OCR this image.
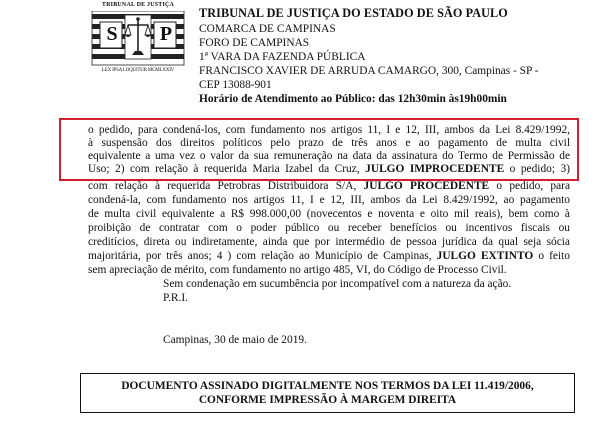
TRIBUNAL DE JUSTIÇA
S P
LEX IPSA LOQUITUR MCMLXXIV
TRIBUNAL DE JUSTIÇA DO ESTADO DE SÃO PAULO
COMARCA DE CAMPINAS
FORO DE CAMPINAS
1ª VARA DA FAZENDA PÚBLICA
FRANCISCO XAVIER DE ARRUDA CAMARGO, 300, Campinas - SP -
CEP 13088-901
Horário de Atendimento ao Público: das 12h30min às19h00min
o pedido, para condená-los, com fundamento nos artigos 11, I e 12, III, ambos da Lei 8.429/1992,
à suspensão dos direitos políticos pelo prazo de três anos e ao pagamento de multa civil
equivalente a uma vez o valor da sua remuneração na data da assinatura do Termo de Permissão de
Uso; 2) com relação à requerida Maria Izabel da Cruz, JULGO IMPROCEDENTE o pedido; 3)
com relação à requerida Petrobras Distribuidora S/A, JULGO PROCEDENTE o pedido, para
condená-la, com fundamento nos artigos 11, I e 12, III, ambos da Lei 8.429/1992, ao pagamento
de multa civil equivalente a R$ 998.000,00 (novecentos e noventa e oito mil reais), bem como à
proibição de contratar com o poder público ou receber benefícios ou incentivos fiscais ou
creditícios, direta ou indiretamente, ainda que por intermédio de pessoa jurídica da qual seja sócia
majoritária, por três anos; 4 ) com relação ao Município de Campinas, JULGO EXTINTO o feito
sem apreciação de mérito, com fundamento no artigo 485, VI, do Código de Processo Civil.
Sem condenação em sucumbência por incompatível com a natureza da ação.
P.R.I.
Campinas, 30 de maio de 2019.
DOCUMENTO ASSINADO DIGITALMENTE NOS TERMOS DA LEI 11.419/2006,
CONFORME IMPRESSÃO À MARGEM DIREITA
